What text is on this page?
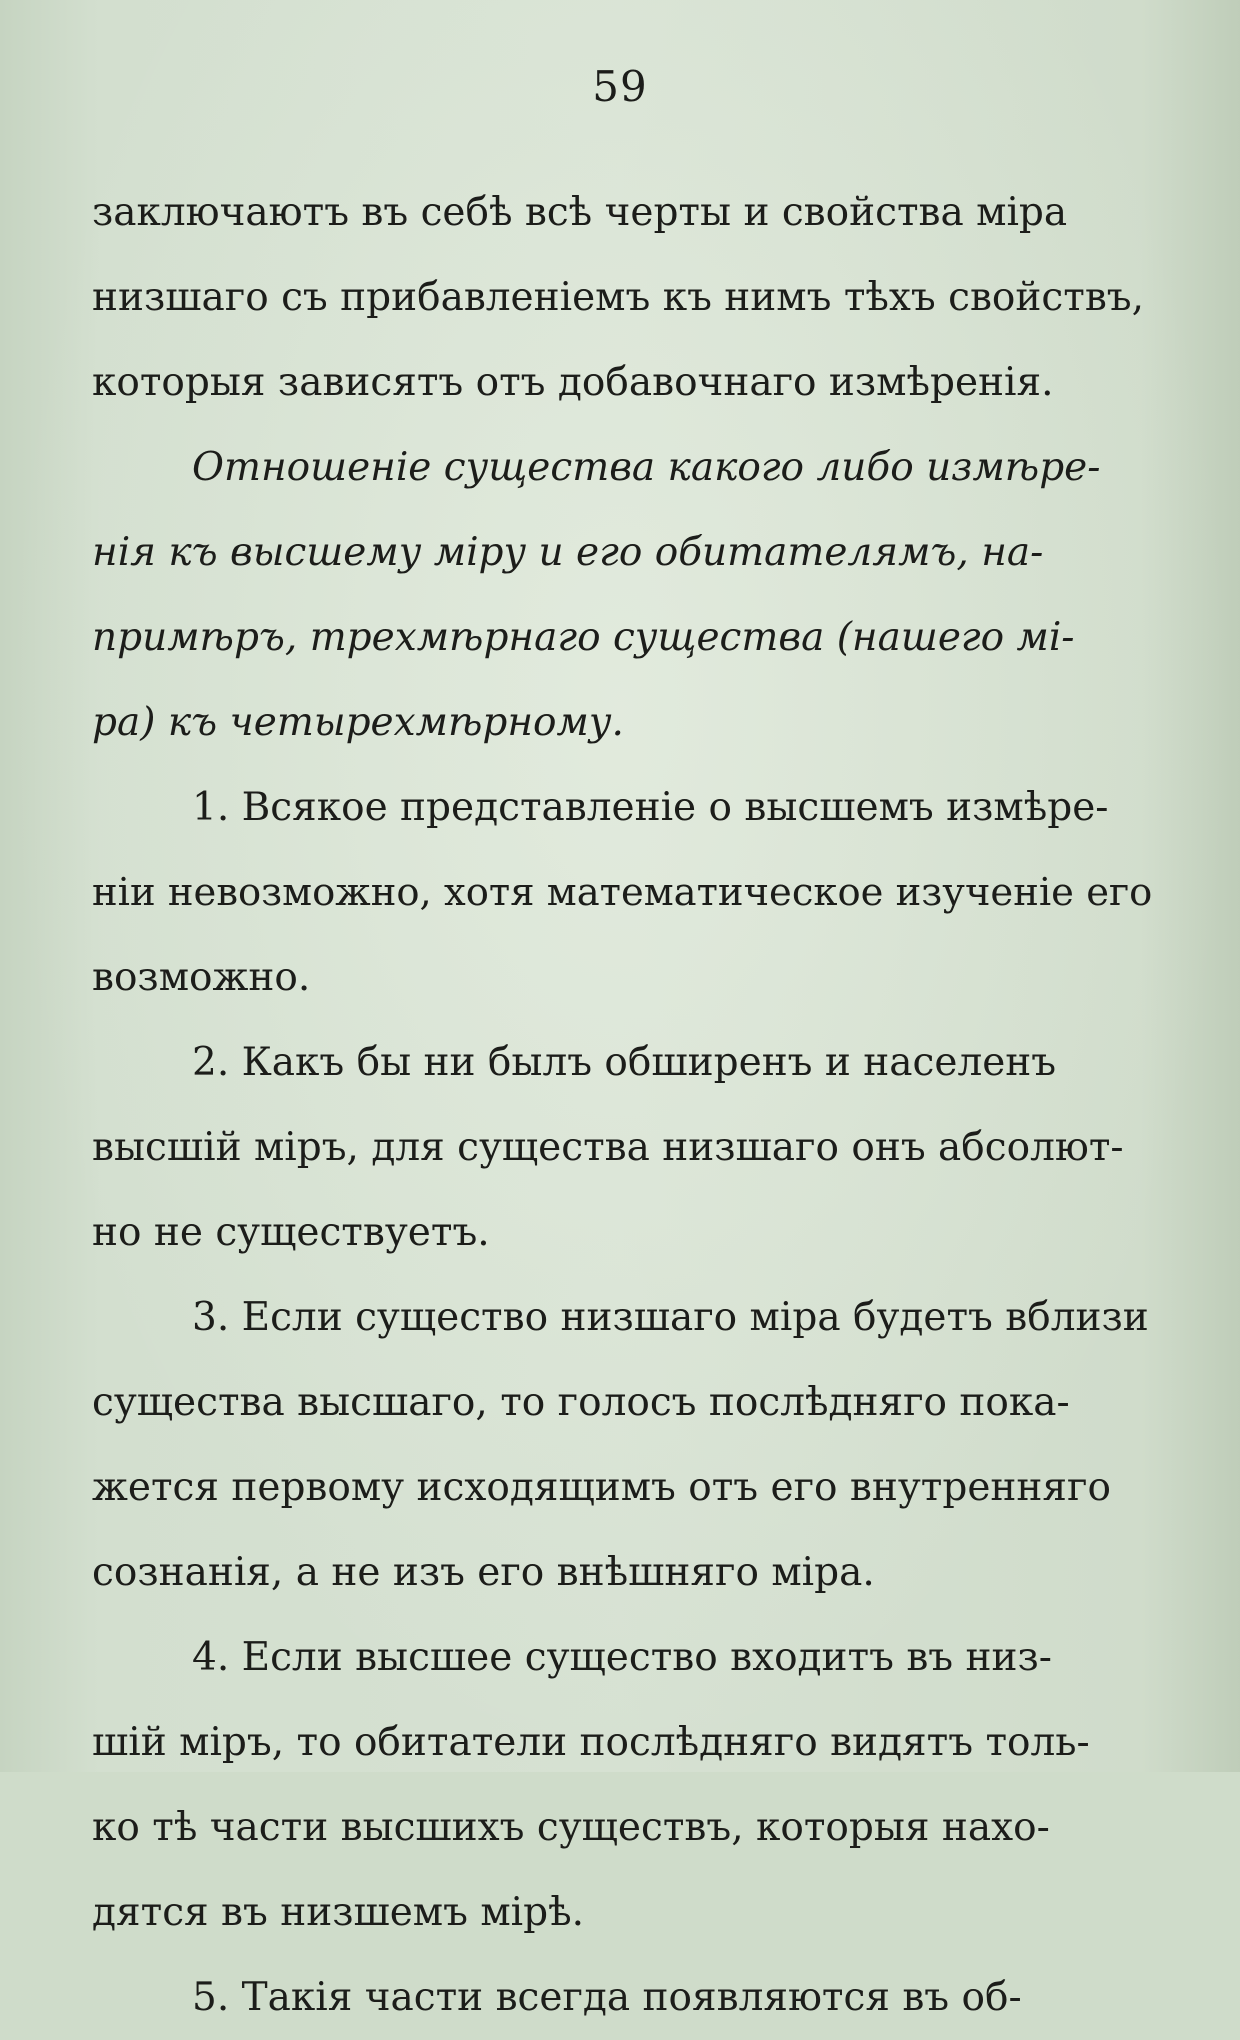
59
заключаютъ въ себѣ всѣ черты и свойства міра
низшаго съ прибавленіемъ къ нимъ тѣхъ свойствъ,
которыя зависятъ отъ добавочнаго измѣренія.
Отношеніе существа какого либо измѣре-
нія къ высшему міру и его обитателямъ, на-
примѣръ, трехмѣрнаго существа (нашего мі-
ра) къ четырехмѣрному.
1. Всякое представленіе о высшемъ измѣре-
ніи невозможно, хотя математическое изученіе его
возможно.
2. Какъ бы ни былъ обширенъ и населенъ
высшій міръ, для существа низшаго онъ абсолют-
но не существуетъ.
3. Если существо низшаго міра будетъ вблизи
существа высшаго, то голосъ послѣдняго пока-
жется первому исходящимъ отъ его внутренняго
сознанія, а не изъ его внѣшняго міра.
4. Если высшее существо входитъ въ низ-
шій міръ, то обитатели послѣдняго видятъ толь-
ко тѣ части высшихъ существъ, которыя нахо-
дятся въ низшемъ мірѣ.
5. Такія части всегда появляются въ об-
